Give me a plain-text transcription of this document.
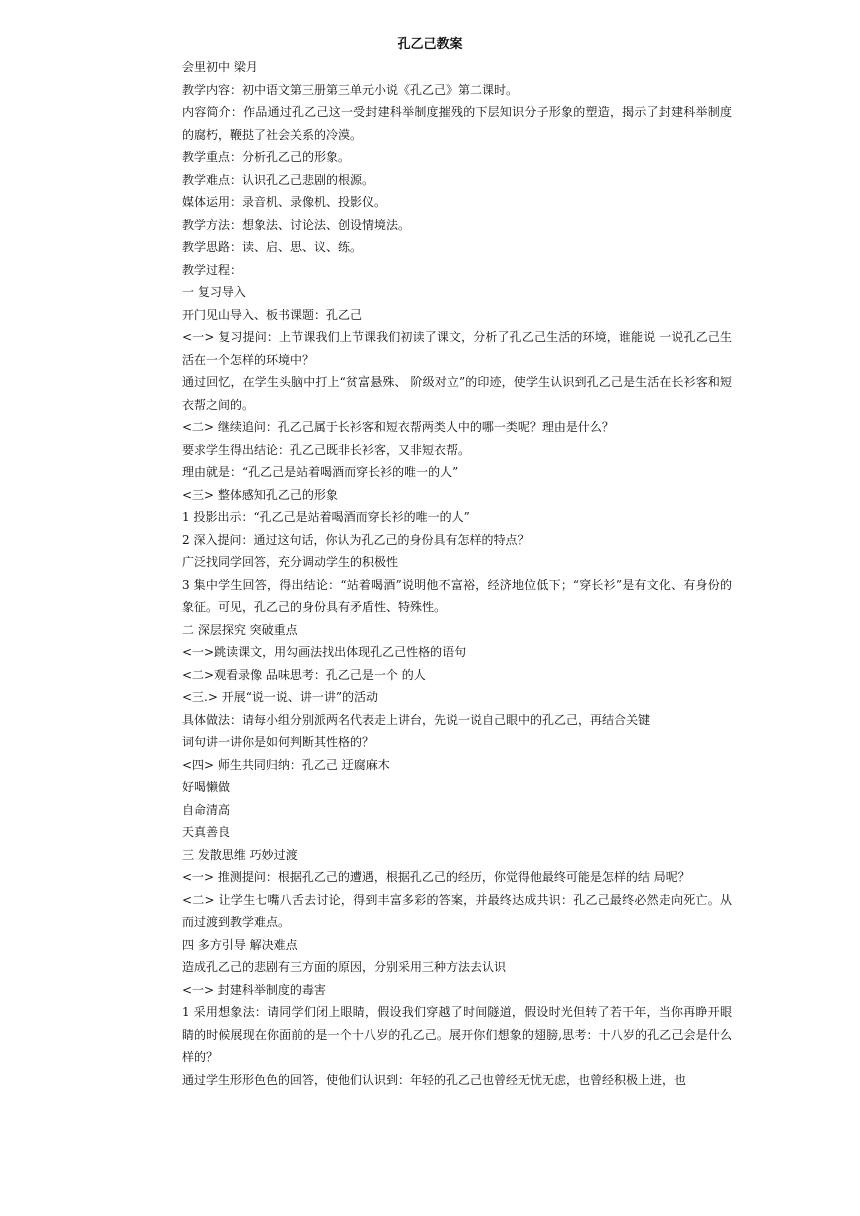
孔乙己教案

会里初中 梁月

教学内容：初中语文第三册第三单元小说《孔乙己》第二课时。

内容简介：作品通过孔乙己这一受封建科举制度摧残的下层知识分子形象的塑造，揭示了封建科举制度的腐朽，鞭挞了社会关系的冷漠。

教学重点：分析孔乙己的形象。

教学难点：认识孔乙己悲剧的根源。

媒体运用：录音机、录像机、投影仪。

教学方法：想象法、讨论法、创设情境法。

教学思路：读、启、思、议、练。

教学过程：

一 复习导入

开门见山导入、板书课题：孔乙己

<一> 复习提问：上节课我们上节课我们初读了课文，分析了孔乙己生活的环境，谁能说 一说孔乙己生活在一个怎样的环境中？

通过回忆，在学生头脑中打上“贫富悬殊、 阶级对立”的印迹，使学生认识到孔乙己是生活在长衫客和短衣帮之间的。

<二> 继续追问：孔乙己属于长衫客和短衣帮两类人中的哪一类呢？理由是什么？

要求学生得出结论：孔乙己既非长衫客，又非短衣帮。

理由就是：“孔乙己是站着喝酒而穿长衫的唯一的人”

<三> 整体感知孔乙己的形象

1 投影出示：“孔乙己是站着喝酒而穿长衫的唯一的人”

2 深入提问：通过这句话，你认为孔乙己的身份具有怎样的特点？

广泛找同学回答，充分调动学生的积极性

3 集中学生回答，得出结论：“站着喝酒”说明他不富裕，经济地位低下；“穿长衫”是有文化、有身份的象征。可见，孔乙己的身份具有矛盾性、特殊性。

二 深层探究 突破重点

<一>跳读课文，用勾画法找出体现孔乙己性格的语句

<二>观看录像 品味思考：孔乙己是一个 的人

<三.> 开展“说一说、讲一讲”的活动

具体做法：请每小组分别派两名代表走上讲台，先说一说自己眼中的孔乙己，再结合关键

词句讲一讲你是如何判断其性格的？

<四> 师生共同归纳：孔乙己 迂腐麻木

好喝懒做

自命清高

天真善良

三 发散思维 巧妙过渡

<一> 推测提问：根据孔乙己的遭遇，根据孔乙己的经历，你觉得他最终可能是怎样的结 局呢？

<二> 让学生七嘴八舌去讨论，得到丰富多彩的答案，并最终达成共识：孔乙己最终必然走向死亡。从而过渡到教学难点。

四 多方引导 解决难点

造成孔乙己的悲剧有三方面的原因，分别采用三种方法去认识

<一> 封建科举制度的毒害

1 采用想象法：请同学们闭上眼睛，假设我们穿越了时间隧道，假设时光但转了若干年，当你再睁开眼睛的时候展现在你面前的是一个十八岁的孔乙己。展开你们想象的翅膀,思考：十八岁的孔乙己会是什么样的？

通过学生形形色色的回答，使他们认识到：年轻的孔乙己也曾经无忧无虑，也曾经积极上进，也
